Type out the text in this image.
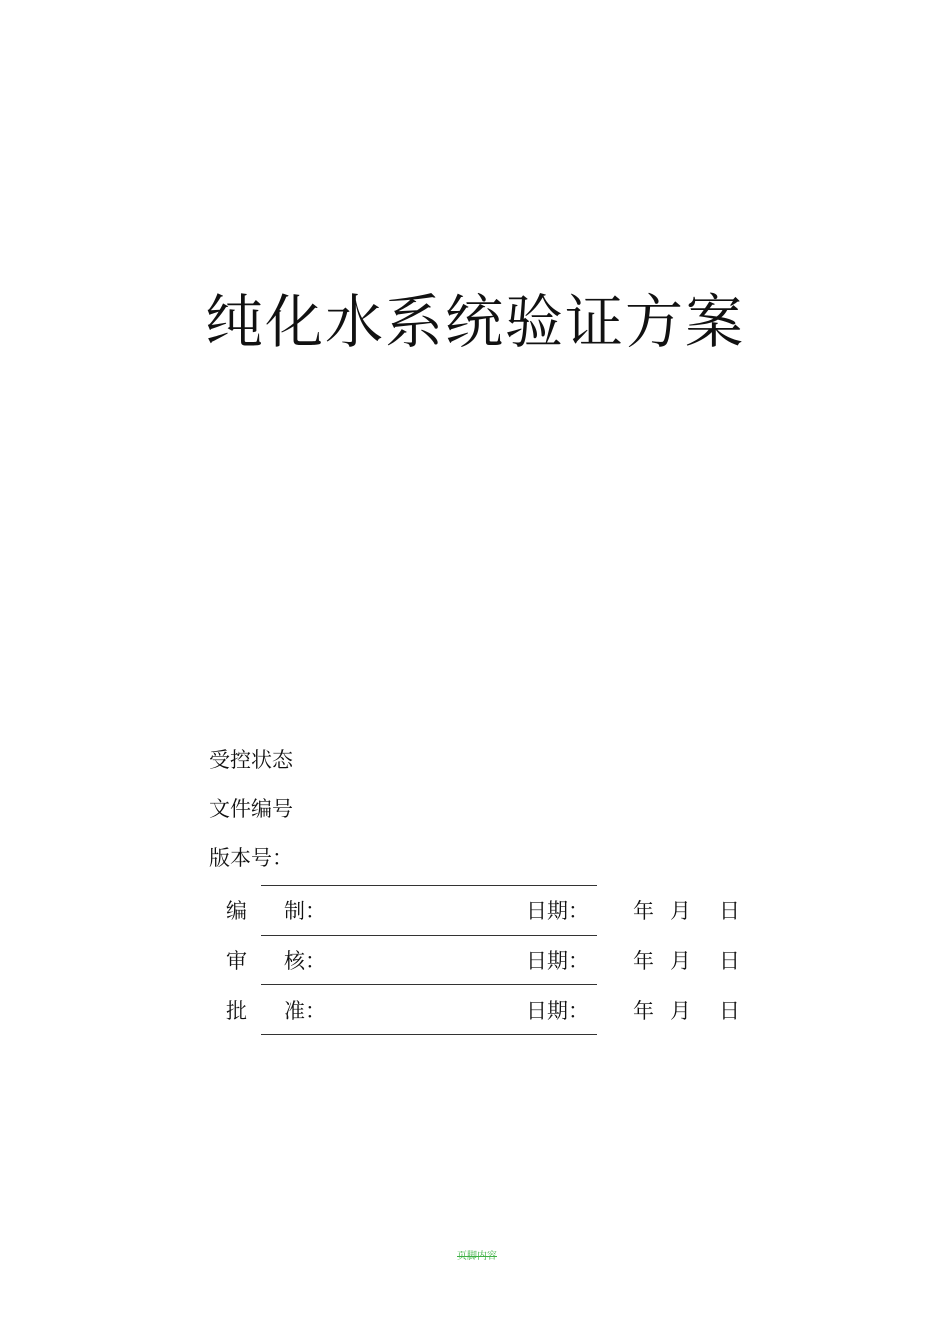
纯化水系统验证方案
受控状态
文件编号
版本号：
编 制：	日期： 年 月 日
审 核：	日期： 年 月 日
批 准：	日期： 年 月 日
页脚内容
